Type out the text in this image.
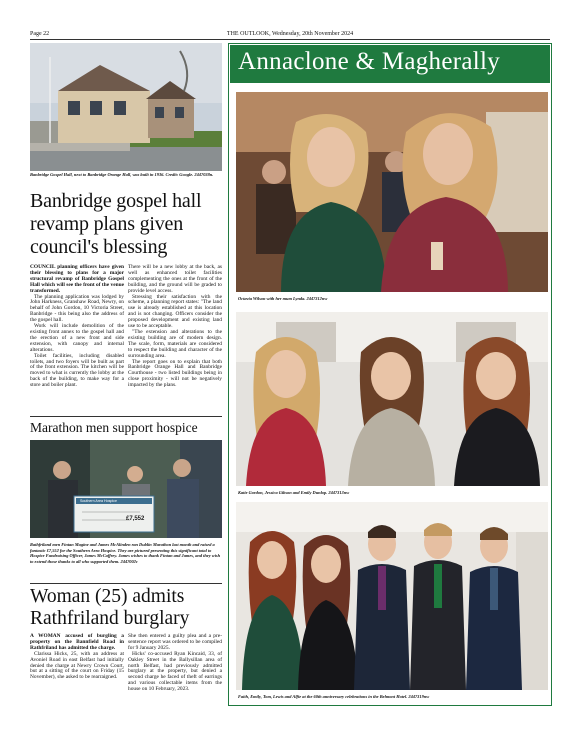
Page 22	THE OUTLOOK, Wednesday, 20th November 2024
Banbridge Gospel Hall, next to Banbridge Orange Hall, was built in 1936. Credit: Google. 2447038n.
Banbridge gospel hall revamp plans given council's blessing

COUNCIL planning officers have given their blessing to plans for a major structural revamp of Banbridge Gospel Hall which will see the front of the venue transformed.

The planning application was lodged by John Harkness, Granshaw Road, Newry, on behalf of John Gordon, 10 Victoria Street, Banbridge - this being also the address of the gospel hall.

Work will include demolition of the existing front annex to the gospel hall and the erection of a new front and side extension, with canopy and internal alterations.

Toilet facilities, including disabled toilets, and two foyers will be built as part of the front extension. The kitchen will be moved to what is currently the lobby at the back of the building, to make way for a store and boiler plant.

There will be a new lobby at the back, as well as enhanced toilet facilities complementing the ones at the front of the building, and the ground will be graded to provide level access.

Stressing their satisfaction with the scheme, a planning report states: "The land use is already established at this location and is not changing. Officers consider the proposed development and existing land use to be acceptable.

"The extension and alterations to the existing building are of modern design. The scale, form, materials are considered to respect the building and character of the surrounding area.

The report goes on to explain that both Banbridge Orange Hall and Banbridge Courthouse - two listed buildings being in close proximity - will not be negatively impacted by the plans.

Marathon men support hospice
Southern Area Hospice
£7,552
Rathfriland men Fintan Magine and James McAlinden ran Dublin Marathon last month and raised a fantastic £7,552 for the Southern Area Hospice. They are pictured presenting this significant total to Hospice Fundraising Officer, James McCaffrey. James wishes to thank Fintan and James, and they wish to extend those thanks to all who supported them. 2447002c
Woman (25) admits Rathfriland burglary

A WOMAN accused of burgling a property on the Bannfield Road in Rathfriland has admitted the charge.

Clarissa Hicks, 25, with an address at Avoniel Road in east Belfast had initially denied the charge at Newry Crown Court, but at a sitting of the court on Friday (15 November), she asked to be rearraigned.

She then entered a guilty plea and a pre-sentence report was ordered to be compiled for 9 January 2025.

Hicks' co-accused Ryan Kincaid, 33, of Oakley Street in the Ballysillan area of north Belfast, had previously admitted burglary at the property, but denied a second charge he faced of theft of earrings and various collectable items from the house on 10 February, 2023.

Annaclone & Magherally
Octavia Wilson with her mum Lynda. 2447312nw
Katie Gordon, Jessica Gibson and Emily Dunlop. 2447313nw
Faith, Emily, Tom, Lewis and Alfie at the 60th anniversary celebrations in the Belmont Hotel. 2447319nw
